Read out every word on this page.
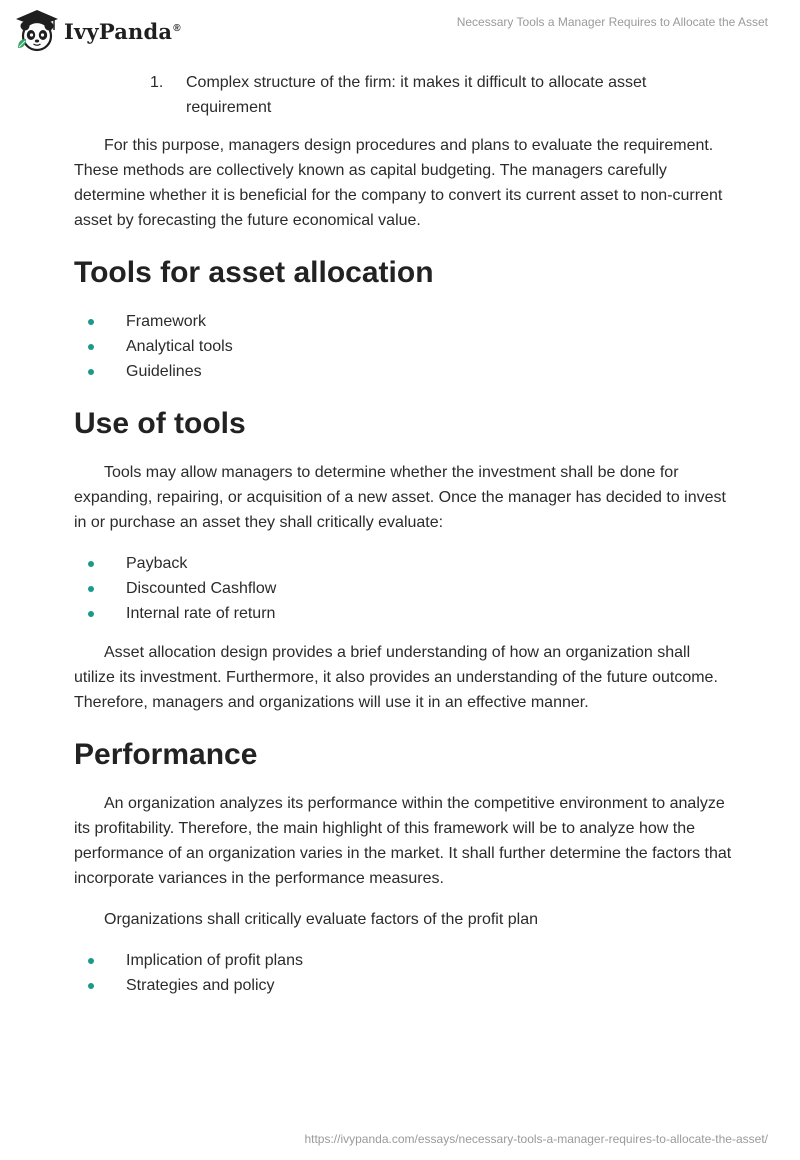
IvyPanda®	Necessary Tools a Manager Requires to Allocate the Asset
1.	Complex structure of the firm: it makes it difficult to allocate asset requirement

For this purpose, managers design procedures and plans to evaluate the requirement. These methods are collectively known as capital budgeting. The managers carefully determine whether it is beneficial for the company to convert its current asset to non-current asset by forecasting the future economical value.

Tools for asset allocation
Framework
Analytical tools
Guidelines
Use of tools

Tools may allow managers to determine whether the investment shall be done for expanding, repairing, or acquisition of a new asset. Once the manager has decided to invest in or purchase an asset they shall critically evaluate:

Payback
Discounted Cashflow
Internal rate of return

Asset allocation design provides a brief understanding of how an organization shall utilize its investment. Furthermore, it also provides an understanding of the future outcome. Therefore, managers and organizations will use it in an effective manner.

Performance

An organization analyzes its performance within the competitive environment to analyze its profitability. Therefore, the main highlight of this framework will be to analyze how the performance of an organization varies in the market. It shall further determine the factors that incorporate variances in the performance measures.

Organizations shall critically evaluate factors of the profit plan

Implication of profit plans
Strategies and policy
https://ivypanda.com/essays/necessary-tools-a-manager-requires-to-allocate-the-asset/
